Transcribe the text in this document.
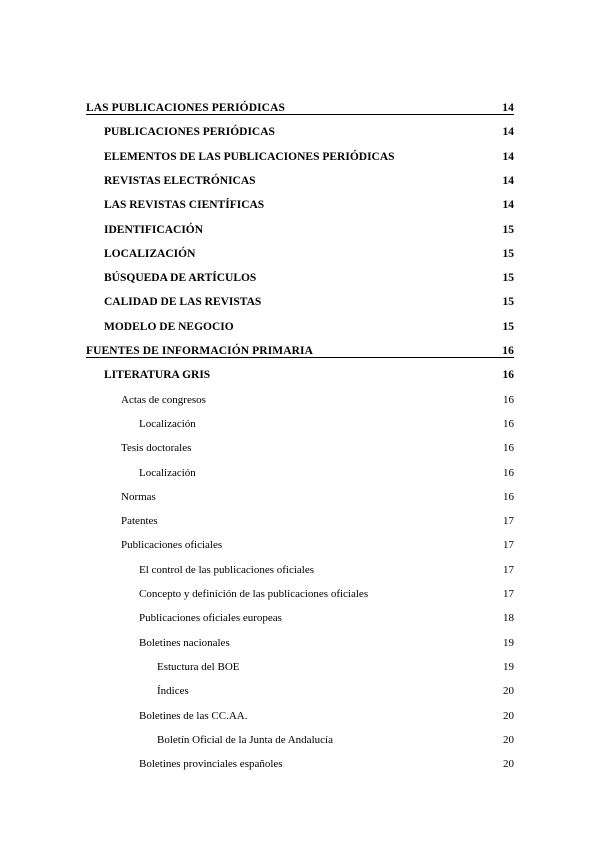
LAS PUBLICACIONES PERIÓDICAS	14
PUBLICACIONES PERIÓDICAS	14
ELEMENTOS DE LAS PUBLICACIONES PERIÓDICAS	14
REVISTAS ELECTRÓNICAS	14
LAS REVISTAS CIENTÍFICAS	14
IDENTIFICACIÓN	15
LOCALIZACIÓN	15
BÚSQUEDA DE ARTÍCULOS	15
CALIDAD DE LAS REVISTAS	15
MODELO DE NEGOCIO	15
FUENTES DE INFORMACIÓN PRIMARIA	16
LITERATURA GRIS	16
Actas de congresos	16
Localización	16
Tesis doctorales	16
Localización	16
Normas	16
Patentes	17
Publicaciones oficiales	17
El control de las publicaciones oficiales	17
Concepto y definición de las publicaciones oficiales	17
Publicaciones oficiales europeas	18
Boletines nacionales	19
Estuctura del BOE	19
Índices	20
Boletines de las CC.AA.	20
Boletín Oficial de la Junta de Andalucía	20
Boletines provinciales españoles	20
